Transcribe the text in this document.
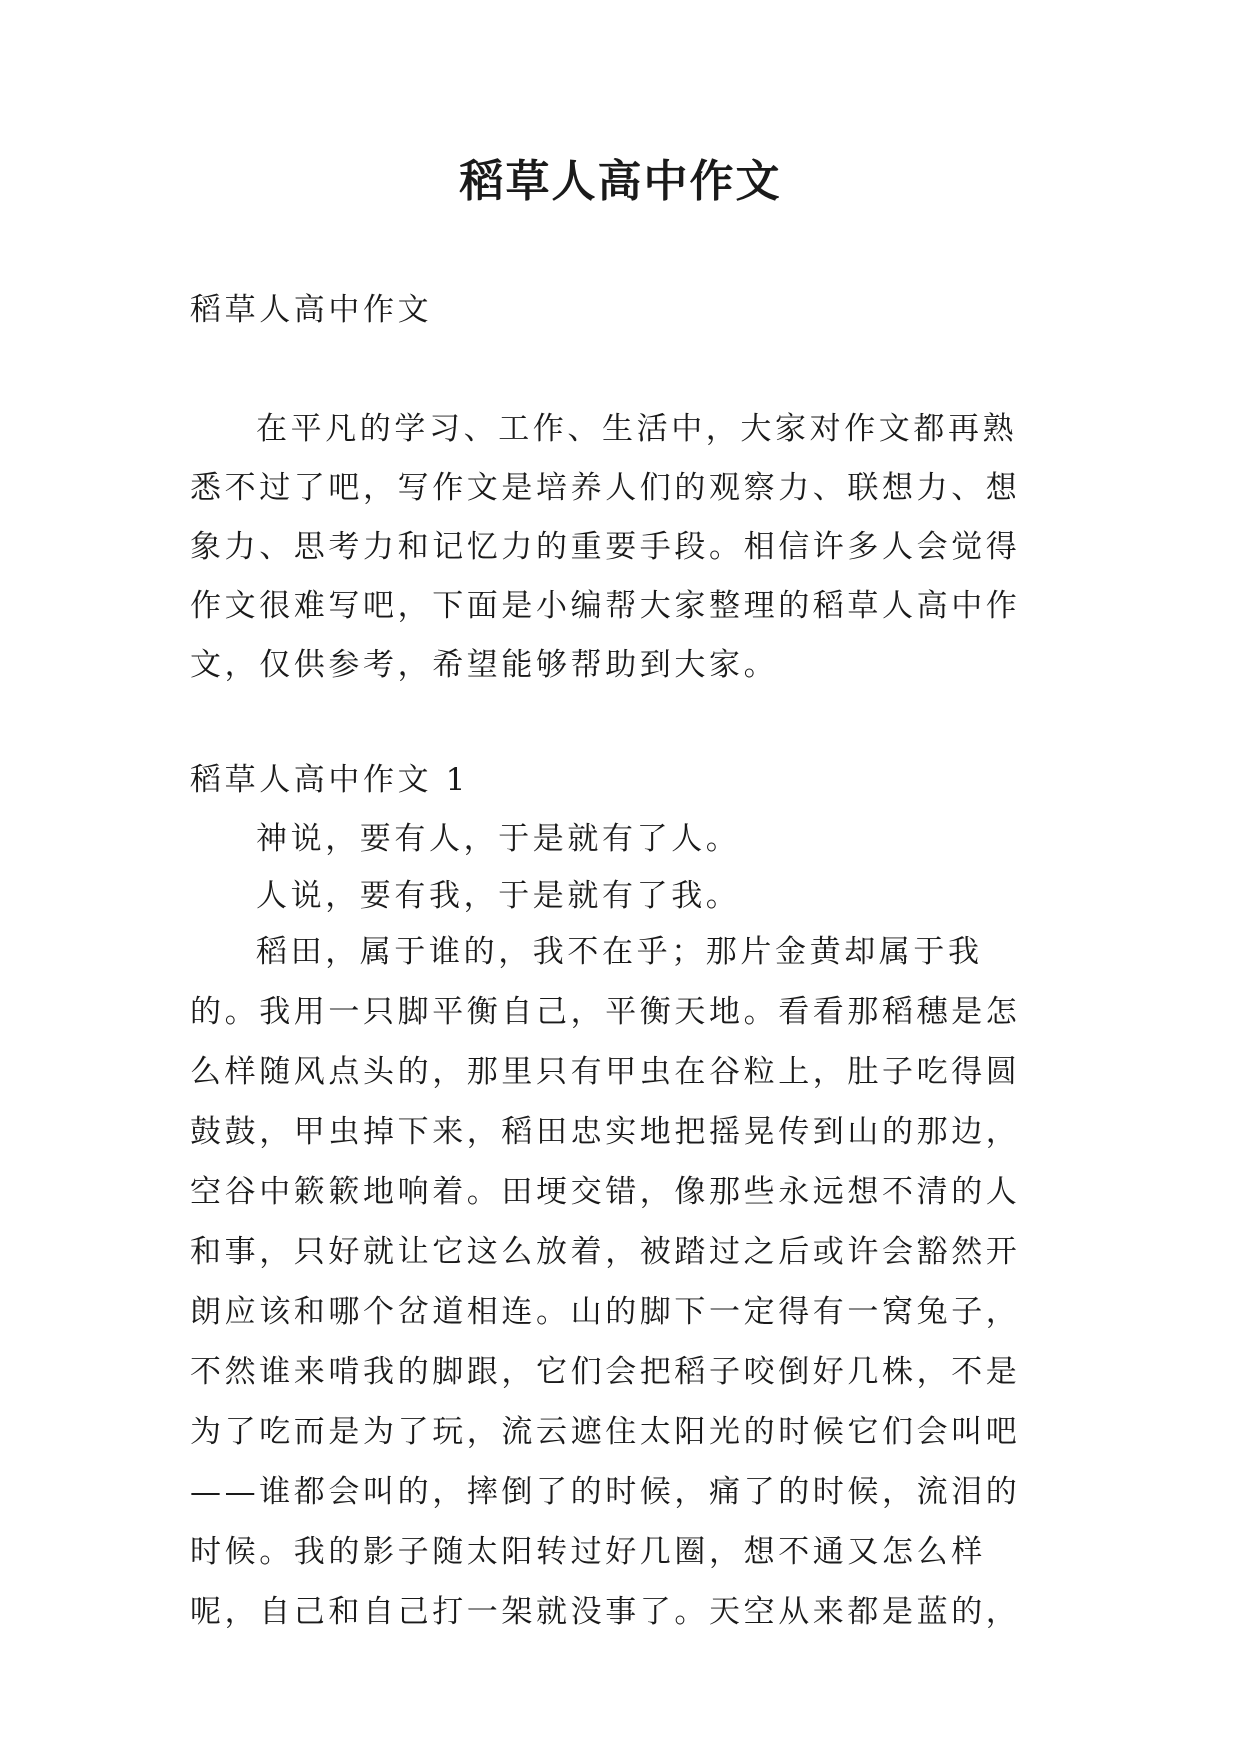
稻草人高中作文

稻草人高中作文

在平凡的学习、工作、生活中，大家对作文都再熟悉不过了吧，写作文是培养人们的观察力、联想力、想象力、思考力和记忆力的重要手段。相信许多人会觉得作文很难写吧，下面是小编帮大家整理的稻草人高中作文，仅供参考，希望能够帮助到大家。

稻草人高中作文 1

神说，要有人，于是就有了人。

人说，要有我，于是就有了我。

稻田，属于谁的，我不在乎；那片金黄却属于我的。我用一只脚平衡自己，平衡天地。看看那稻穗是怎么样随风点头的，那里只有甲虫在谷粒上，肚子吃得圆鼓鼓，甲虫掉下来，稻田忠实地把摇晃传到山的那边，空谷中簌簌地响着。田埂交错，像那些永远想不清的人和事，只好就让它这么放着，被踏过之后或许会豁然开朗应该和哪个岔道相连。山的脚下一定得有一窝兔子，不然谁来啃我的脚跟，它们会把稻子咬倒好几株，不是为了吃而是为了玩，流云遮住太阳光的时候它们会叫吧——谁都会叫的，摔倒了的时候，痛了的时候，流泪的时候。我的影子随太阳转过好几圈，想不通又怎么样呢，自己和自己打一架就没事了。天空从来都是蓝的，
